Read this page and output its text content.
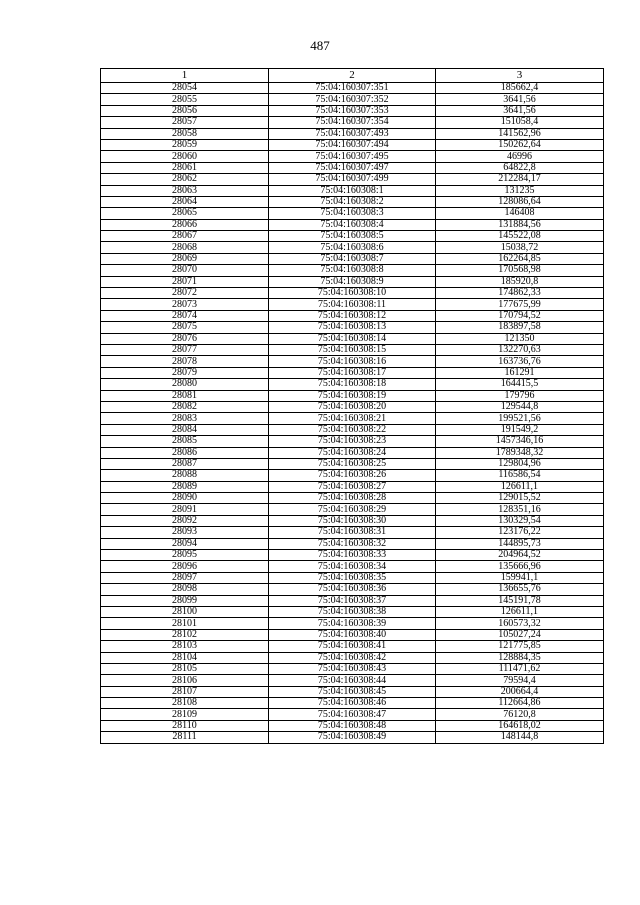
487
1	2	3
28054	75:04:160307:351	185662,4
28055	75:04:160307:352	3641,56
28056	75:04:160307:353	3641,56
28057	75:04:160307:354	151058,4
28058	75:04:160307:493	141562,96
28059	75:04:160307:494	150262,64
28060	75:04:160307:495	46996
28061	75:04:160307:497	64822,8
28062	75:04:160307:499	212284,17
28063	75:04:160308:1	131235
28064	75:04:160308:2	128086,64
28065	75:04:160308:3	146408
28066	75:04:160308:4	131884,56
28067	75:04:160308:5	145522,08
28068	75:04:160308:6	15038,72
28069	75:04:160308:7	162264,85
28070	75:04:160308:8	170568,98
28071	75:04:160308:9	185920,8
28072	75:04:160308:10	174862,33
28073	75:04:160308:11	177675,99
28074	75:04:160308:12	170794,52
28075	75:04:160308:13	183897,58
28076	75:04:160308:14	121350
28077	75:04:160308:15	132270,63
28078	75:04:160308:16	163736,76
28079	75:04:160308:17	161291
28080	75:04:160308:18	164415,5
28081	75:04:160308:19	179796
28082	75:04:160308:20	129544,8
28083	75:04:160308:21	199521,56
28084	75:04:160308:22	191549,2
28085	75:04:160308:23	1457346,16
28086	75:04:160308:24	1789348,32
28087	75:04:160308:25	129804,96
28088	75:04:160308:26	116586,54
28089	75:04:160308:27	126611,1
28090	75:04:160308:28	129015,52
28091	75:04:160308:29	128351,16
28092	75:04:160308:30	130329,54
28093	75:04:160308:31	123176,22
28094	75:04:160308:32	144895,73
28095	75:04:160308:33	204964,52
28096	75:04:160308:34	135666,96
28097	75:04:160308:35	159941,1
28098	75:04:160308:36	136655,76
28099	75:04:160308:37	145191,78
28100	75:04:160308:38	126611,1
28101	75:04:160308:39	160573,32
28102	75:04:160308:40	105027,24
28103	75:04:160308:41	121775,85
28104	75:04:160308:42	128884,35
28105	75:04:160308:43	111471,62
28106	75:04:160308:44	79594,4
28107	75:04:160308:45	200664,4
28108	75:04:160308:46	112664,86
28109	75:04:160308:47	76120,8
28110	75:04:160308:48	164618,02
28111	75:04:160308:49	148144,8
